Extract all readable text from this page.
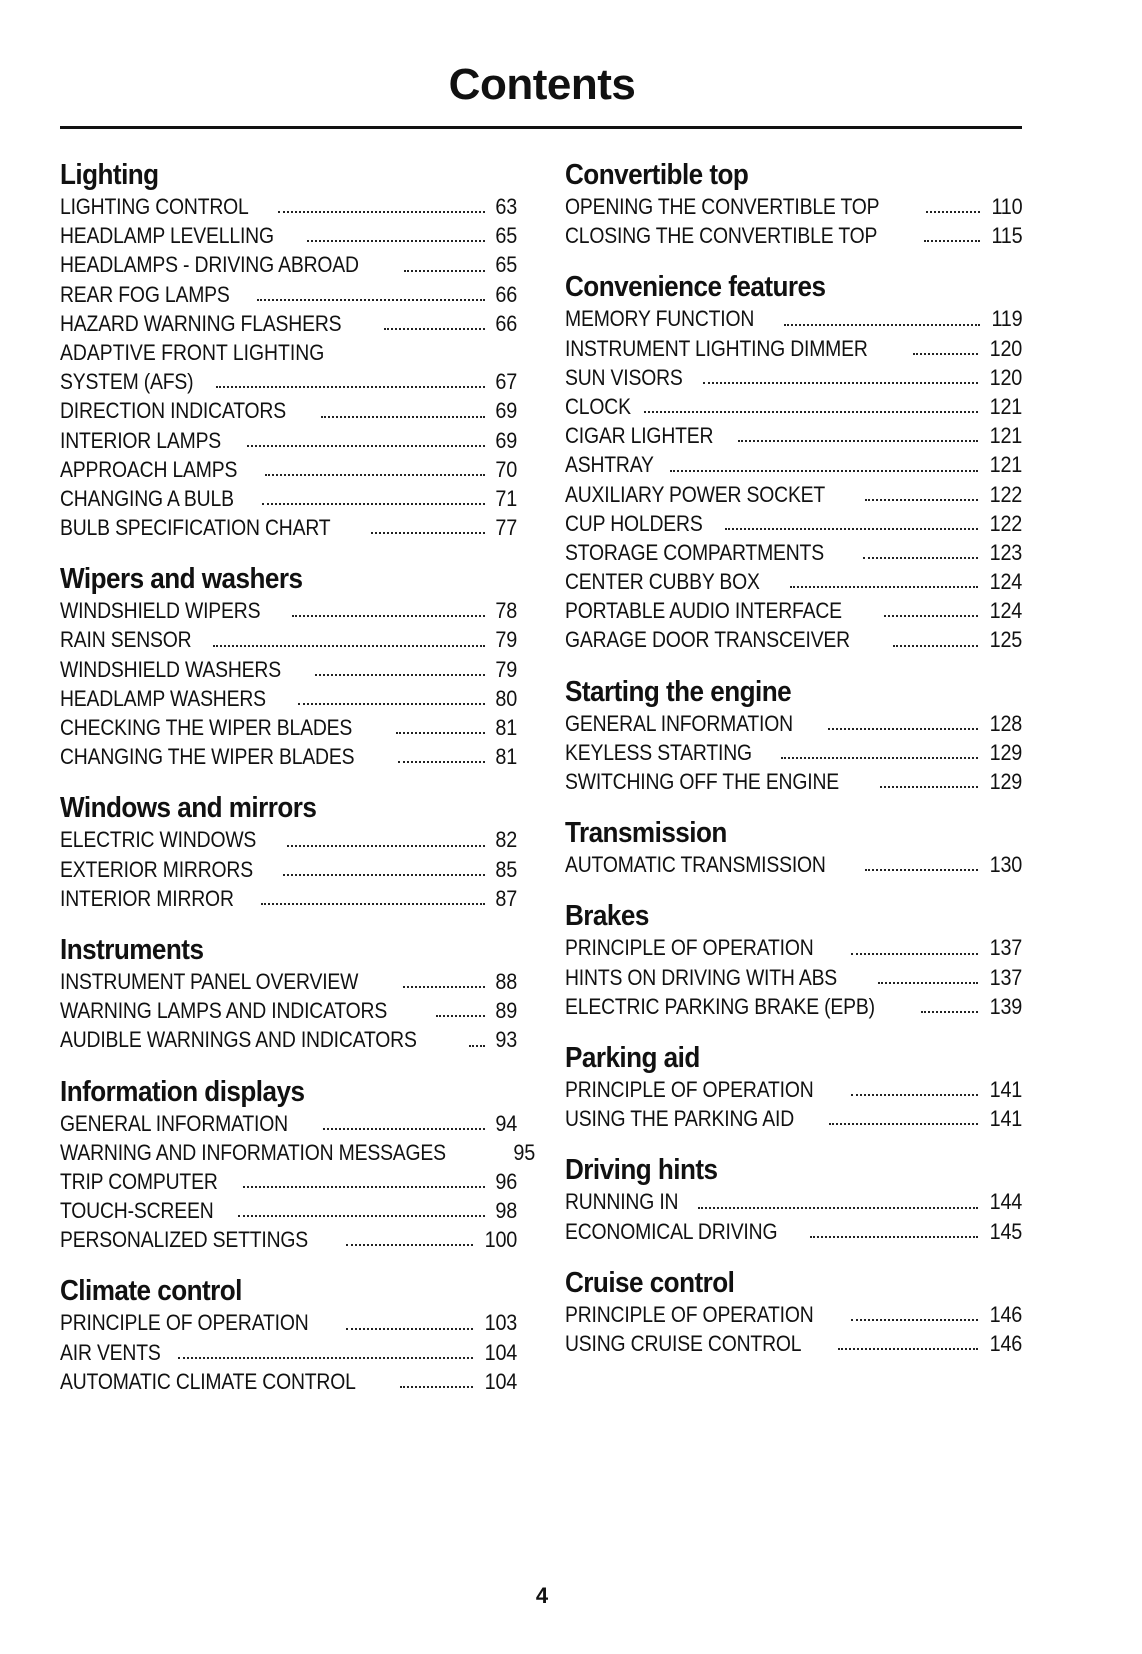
Contents
Lighting
LIGHTING CONTROL	63
HEADLAMP LEVELLING	65
HEADLAMPS - DRIVING ABROAD	65
REAR FOG LAMPS	66
HAZARD WARNING FLASHERS	66
ADAPTIVE FRONT LIGHTING
SYSTEM (AFS)	67
DIRECTION INDICATORS	69
INTERIOR LAMPS	69
APPROACH LAMPS	70
CHANGING A BULB	71
BULB SPECIFICATION CHART	77
Wipers and washers
WINDSHIELD WIPERS	78
RAIN SENSOR	79
WINDSHIELD WASHERS	79
HEADLAMP WASHERS	80
CHECKING THE WIPER BLADES	81
CHANGING THE WIPER BLADES	81
Windows and mirrors
ELECTRIC WINDOWS	82
EXTERIOR MIRRORS	85
INTERIOR MIRROR	87
Instruments
INSTRUMENT PANEL OVERVIEW	88
WARNING LAMPS AND INDICATORS	89
AUDIBLE WARNINGS AND INDICATORS	93
Information displays
GENERAL INFORMATION	94
WARNING AND INFORMATION MESSAGES	95
TRIP COMPUTER	96
TOUCH-SCREEN	98
PERSONALIZED SETTINGS	100
Climate control
PRINCIPLE OF OPERATION	103
AIR VENTS	104
AUTOMATIC CLIMATE CONTROL	104
Convertible top
OPENING THE CONVERTIBLE TOP	110
CLOSING THE CONVERTIBLE TOP	115
Convenience features
MEMORY FUNCTION	119
INSTRUMENT LIGHTING DIMMER	120
SUN VISORS	120
CLOCK	121
CIGAR LIGHTER	121
ASHTRAY	121
AUXILIARY POWER SOCKET	122
CUP HOLDERS	122
STORAGE COMPARTMENTS	123
CENTER CUBBY BOX	124
PORTABLE AUDIO INTERFACE	124
GARAGE DOOR TRANSCEIVER	125
Starting the engine
GENERAL INFORMATION	128
KEYLESS STARTING	129
SWITCHING OFF THE ENGINE	129
Transmission
AUTOMATIC TRANSMISSION	130
Brakes
PRINCIPLE OF OPERATION	137
HINTS ON DRIVING WITH ABS	137
ELECTRIC PARKING BRAKE (EPB)	139
Parking aid
PRINCIPLE OF OPERATION	141
USING THE PARKING AID	141
Driving hints
RUNNING IN	144
ECONOMICAL DRIVING	145
Cruise control
PRINCIPLE OF OPERATION	146
USING CRUISE CONTROL	146
4
